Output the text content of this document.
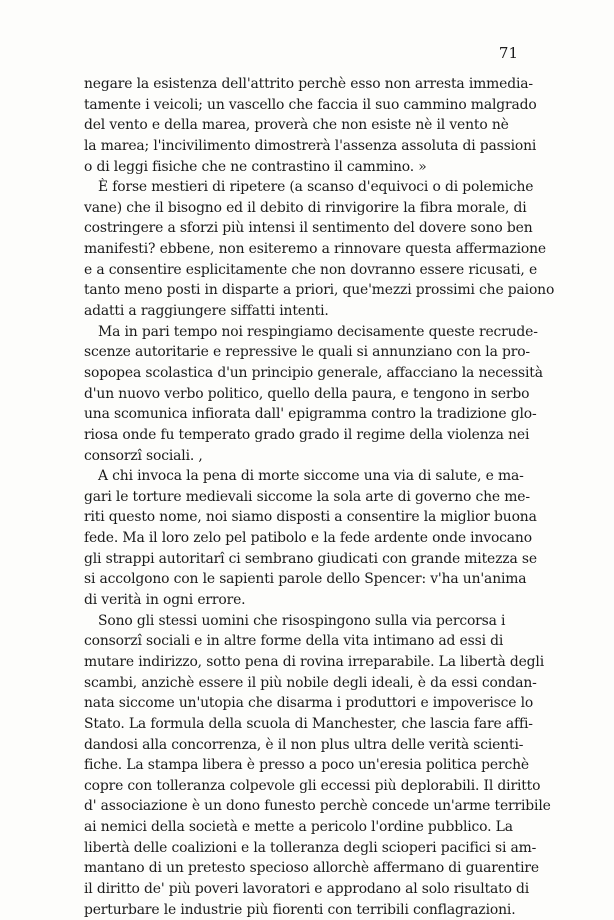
71
negare la esistenza dell'attrito perchè esso non arresta immedia-
tamente i veicoli; un vascello che faccia il suo cammino malgrado
del vento e della marea, proverà che non esiste nè il vento nè
la marea; l'incivilimento dimostrerà l'assenza assoluta di passioni
o di leggi fisiche che ne contrastino il cammino. »
È forse mestieri di ripetere (a scanso d'equivoci o di polemiche
vane) che il bisogno ed il debito di rinvigorire la fibra morale, di
costringere a sforzi più intensi il sentimento del dovere sono ben
manifesti? ebbene, non esiteremo a rinnovare questa affermazione
e a consentire esplicitamente che non dovranno essere ricusati, e
tanto meno posti in disparte a priori, que'mezzi prossimi che paiono
adatti a raggiungere siffatti intenti.
Ma in pari tempo noi respingiamo decisamente queste recrude-
scenze autoritarie e repressive le quali si annunziano con la pro-
sopopea scolastica d'un principio generale, affacciano la necessità
d'un nuovo verbo politico, quello della paura, e tengono in serbo
una scomunica infiorata dall' epigramma contro la tradizione glo-
riosa onde fu temperato grado grado il regime della violenza nei
consorzî sociali. ,
A chi invoca la pena di morte siccome una via di salute, e ma-
gari le torture medievali siccome la sola arte di governo che me-
riti questo nome, noi siamo disposti a consentire la miglior buona
fede. Ma il loro zelo pel patibolo e la fede ardente onde invocano
gli strappi autoritarî ci sembrano giudicati con grande mitezza se
si accolgono con le sapienti parole dello Spencer: v'ha un'anima
di verità in ogni errore.
Sono gli stessi uomini che risospingono sulla via percorsa i
consorzî sociali e in altre forme della vita intimano ad essi di
mutare indirizzo, sotto pena di rovina irreparabile. La libertà degli
scambi, anzichè essere il più nobile degli ideali, è da essi condan-
nata siccome un'utopia che disarma i produttori e impoverisce lo
Stato. La formula della scuola di Manchester, che lascia fare affi-
dandosi alla concorrenza, è il non plus ultra delle verità scienti-
fiche. La stampa libera è presso a poco un'eresia politica perchè
copre con tolleranza colpevole gli eccessi più deplorabili. Il diritto
d' associazione è un dono funesto perchè concede un'arme terribile
ai nemici della società e mette a pericolo l'ordine pubblico. La
libertà delle coalizioni e la tolleranza degli scioperi pacifici si am-
mantano di un pretesto specioso allorchè affermano di guarentire
il diritto de' più poveri lavoratori e approdano al solo risultato di
perturbare le industrie più fiorenti con terribili conflagrazioni.
